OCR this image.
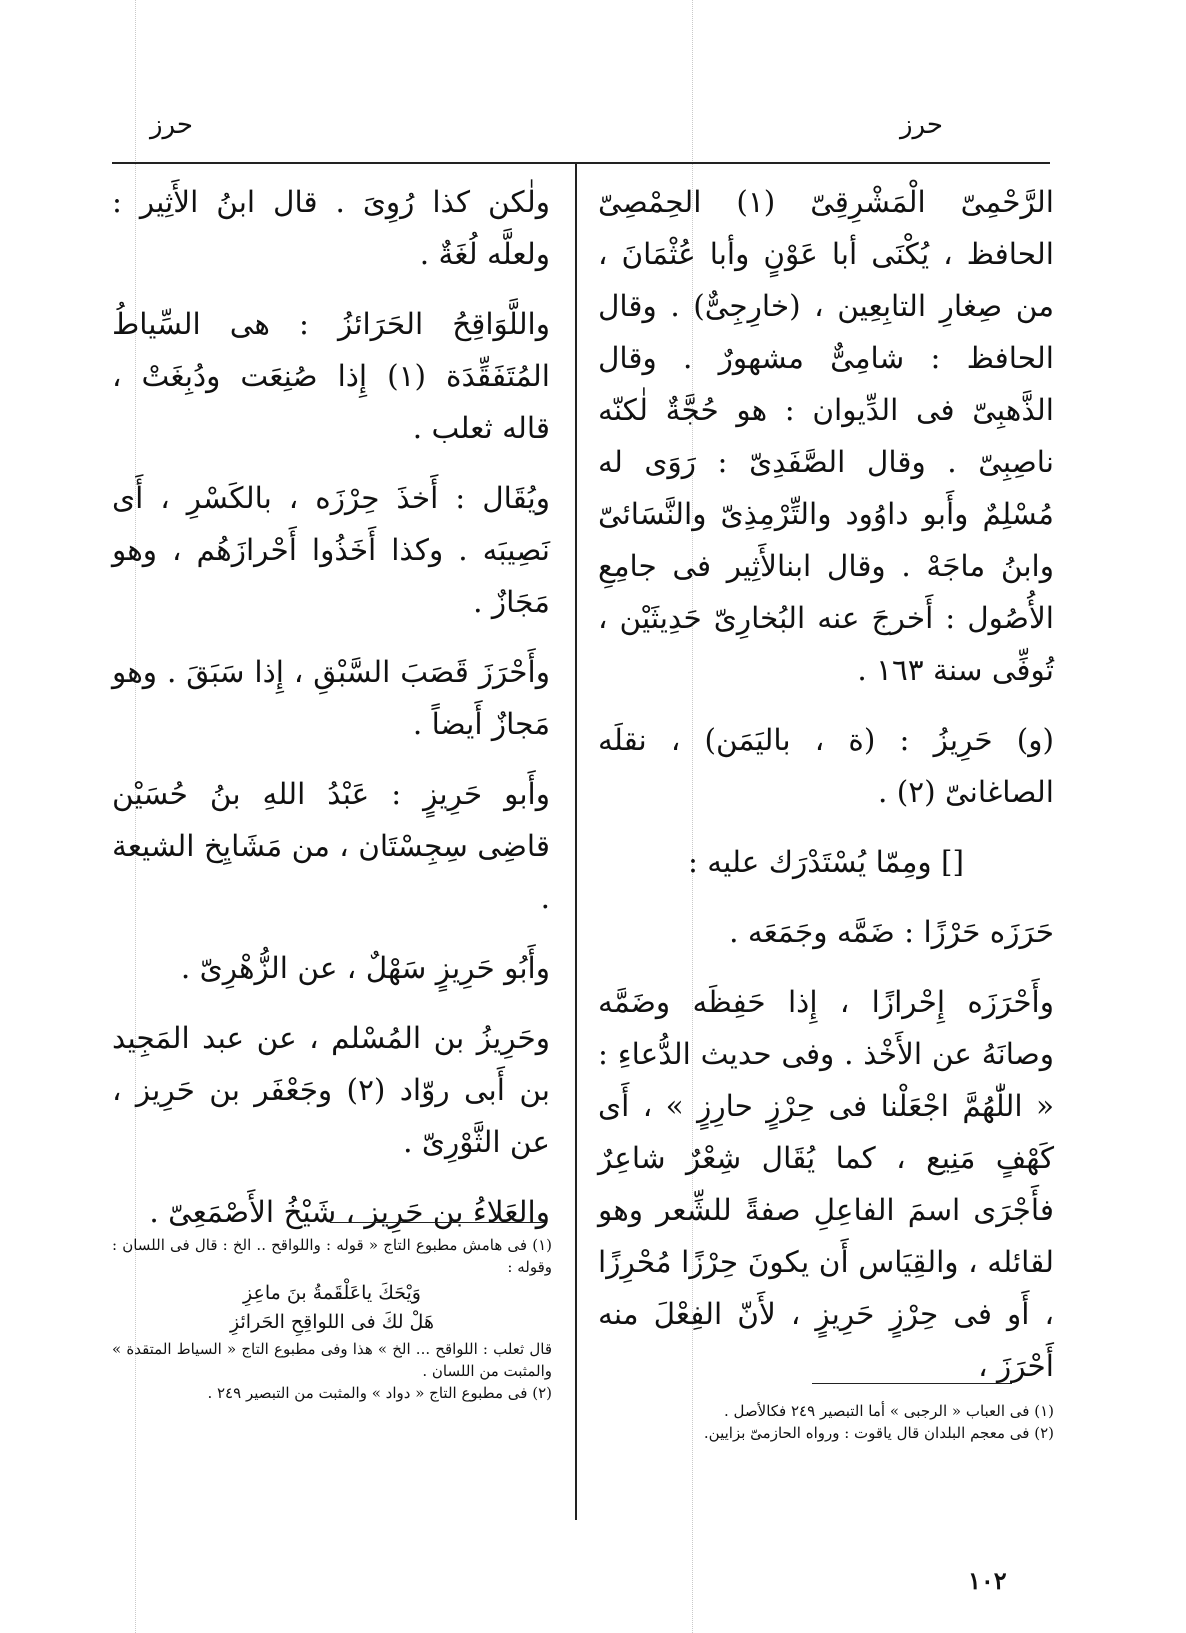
حرز
حرز

الرَّحْمِىّ الْمَشْرِقِىّ (١) الحِمْصِىّ الحافظ ، يُكْنَى أبا عَوْنٍ وأبا عُثْمَانَ ، من صِغارِ التابِعِين ، (خارِجِىٌّ) . وقال الحافظ : شامِىٌّ مشهورٌ . وقال الذَّهبِىّ فى الدِّيوان : هو حُجَّةٌ لٰكنّه ناصِبِىّ . وقال الصَّفَدِىّ : رَوَى له مُسْلِمٌ وأَبو داوُود والتِّرْمِذِىّ والنَّسَائىّ وابنُ ماجَهْ . وقال ابنالأَثِير فى جامِعِ الأُصُول : أَخرجَ عنه البُخارِىّ حَدِيثَيْن ، تُوفِّى سنة ١٦٣ .

(و) حَرِيزُ : (ة ، باليَمَن) ، نقلَه الصاغانىّ (٢) .

[] ومِمّا يُسْتَدْرَك عليه :

حَرَزَه حَرْزًا : ضَمَّه وجَمَعَه .

وأَحْرَزَه إِحْرازًا ، إِذا حَفِظَه وضَمَّه وصانَهُ عن الأَخْذ . وفى حديث الدُّعاءِ : « اللّٰهُمَّ اجْعَلْنا فى حِرْزٍ حارِزٍ » ، أَى كَهْفٍ مَنِيع ، كما يُقَال شِعْرٌ شاعِرٌ فأَجْرَى اسمَ الفاعِلِ صفةً للشِّعر وهو لقائله ، والقِيَاس أَن يكونَ حِرْزًا مُحْرِزًا ، أَو فى حِرْزٍ حَرِيزٍ ، لأَنّ الفِعْلَ منه أَحْرَزَ ،

ولٰكن كذا رُوِىَ . قال ابنُ الأَثِير : ولعلَّه لُغَةٌ .

واللَّوَاقِحُ الحَرَائزُ : هى السِّياطُ المُتَفَقِّدَة (١) إِذا صُنِعَت ودُبِغَتْ ، قاله ثعلب .

ويُقَال : أَخذَ حِرْزَه ، بالكَسْرِ ، أَى نَصِيبَه . وكذا أَخَذُوا أَحْرازَهُم ، وهو مَجَازٌ .

وأَحْرَزَ قَصَبَ السَّبْقِ ، إِذا سَبَقَ . وهو مَجازٌ أَيضاً .

وأَبو حَرِيزٍ : عَبْدُ اللهِ بنُ حُسَيْن قاضِى سِجِسْتَان ، من مَشَايِخ الشيعة .

وأَبُو حَرِيزٍ سَهْلٌ ، عن الزُّهْرِىّ .

وحَرِيزُ بن المُسْلم ، عن عبد المَجِيد بن أَبى روّاد (٢) وجَعْفَر بن حَرِيز ، عن الثَّوْرِىّ .

والعَلاءُ بن حَرِيز ، شَيْخُ الأَصْمَعِىّ .

(١) فى هامش مطبوع التاج « قوله : واللواقح .. الخ : قال فى اللسان : وقوله :

وَيْحَكَ ياعَلْقَمةُ بنَ ماعِزِ

هَلْ لكَ فى اللواقِحِ الحَرائزِ

قال ثعلب : اللواقح ... الخ » هذا وفى مطبوع التاج « السياط المتقدة » والمثبت من اللسان .

(٢) فى مطبوع التاج « دواد » والمثبت من التبصير ٢٤٩ .

(١) فى العباب « الرجبى » أما التبصير ٢٤٩ فكالأصل .

(٢) فى معجم البلدان قال ياقوت : ورواه الحازمىّ بزايين.

١٠٢
